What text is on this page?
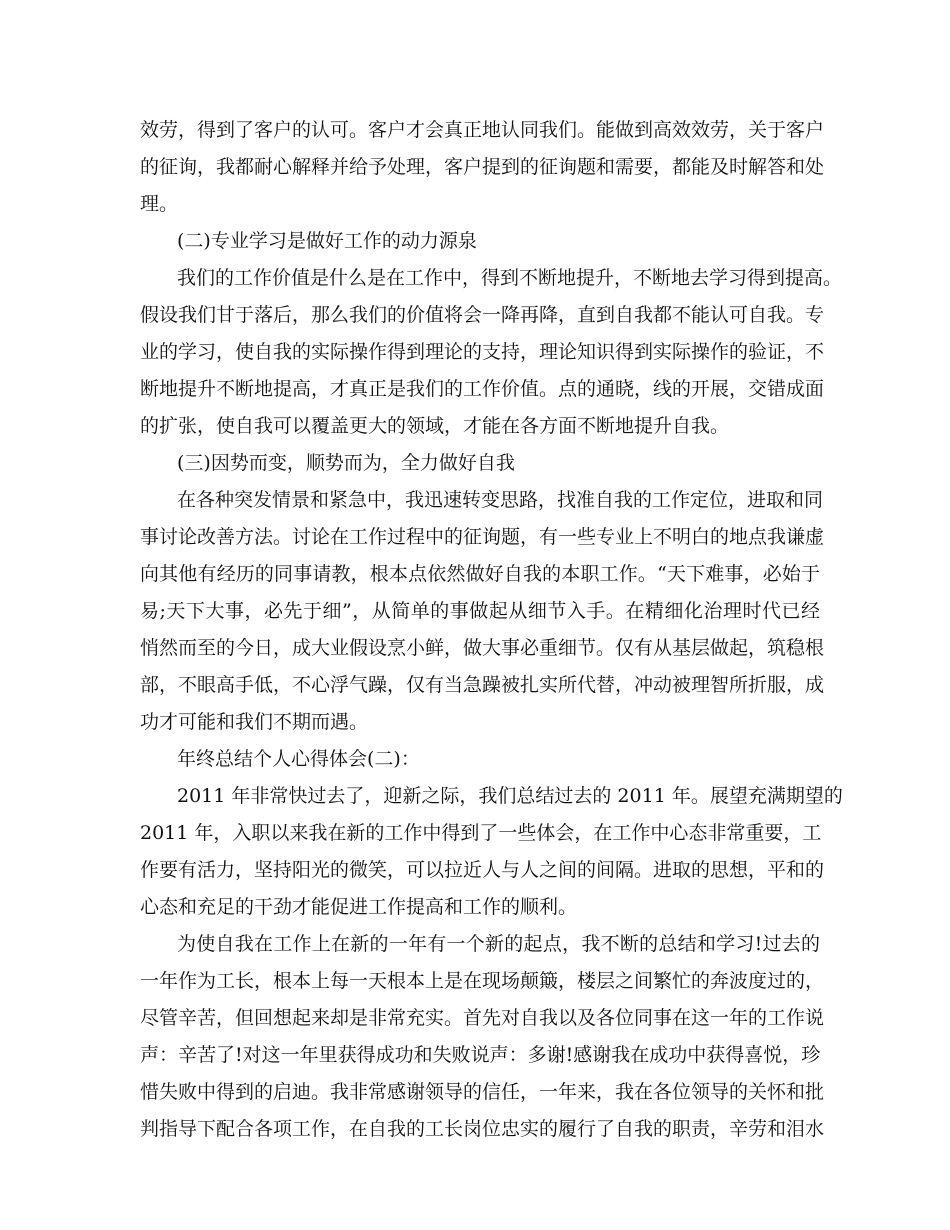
效劳，得到了客户的认可。客户才会真正地认同我们。能做到高效效劳，关于客户
的征询，我都耐心解释并给予处理，客户提到的征询题和需要，都能及时解答和处
理。
(二)专业学习是做好工作的动力源泉
我们的工作价值是什么是在工作中，得到不断地提升，不断地去学习得到提高。
假设我们甘于落后，那么我们的价值将会一降再降，直到自我都不能认可自我。专
业的学习，使自我的实际操作得到理论的支持，理论知识得到实际操作的验证，不
断地提升不断地提高，才真正是我们的工作价值。点的通晓，线的开展，交错成面
的扩张，使自我可以覆盖更大的领域，才能在各方面不断地提升自我。
(三)因势而变，顺势而为，全力做好自我
在各种突发情景和紧急中，我迅速转变思路，找准自我的工作定位，进取和同
事讨论改善方法。讨论在工作过程中的征询题，有一些专业上不明白的地点我谦虚
向其他有经历的同事请教，根本点依然做好自我的本职工作。“天下难事，必始于
易;天下大事，必先于细”，从简单的事做起从细节入手。在精细化治理时代已经
悄然而至的今日，成大业假设烹小鲜，做大事必重细节。仅有从基层做起，筑稳根
部，不眼高手低，不心浮气躁，仅有当急躁被扎实所代替，冲动被理智所折服，成
功才可能和我们不期而遇。
年终总结个人心得体会(二)：
2011 年非常快过去了，迎新之际，我们总结过去的 2011 年。展望充满期望的
2011 年，入职以来我在新的工作中得到了一些体会，在工作中心态非常重要，工
作要有活力，坚持阳光的微笑，可以拉近人与人之间的间隔。进取的思想，平和的
心态和充足的干劲才能促进工作提高和工作的顺利。
为使自我在工作上在新的一年有一个新的起点，我不断的总结和学习!过去的
一年作为工长，根本上每一天根本上是在现场颠簸，楼层之间繁忙的奔波度过的，
尽管辛苦，但回想起来却是非常充实。首先对自我以及各位同事在这一年的工作说
声：辛苦了!对这一年里获得成功和失败说声：多谢!感谢我在成功中获得喜悦，珍
惜失败中得到的启迪。我非常感谢领导的信任，一年来，我在各位领导的关怀和批
判指导下配合各项工作，在自我的工长岗位忠实的履行了自我的职责，辛劳和泪水
